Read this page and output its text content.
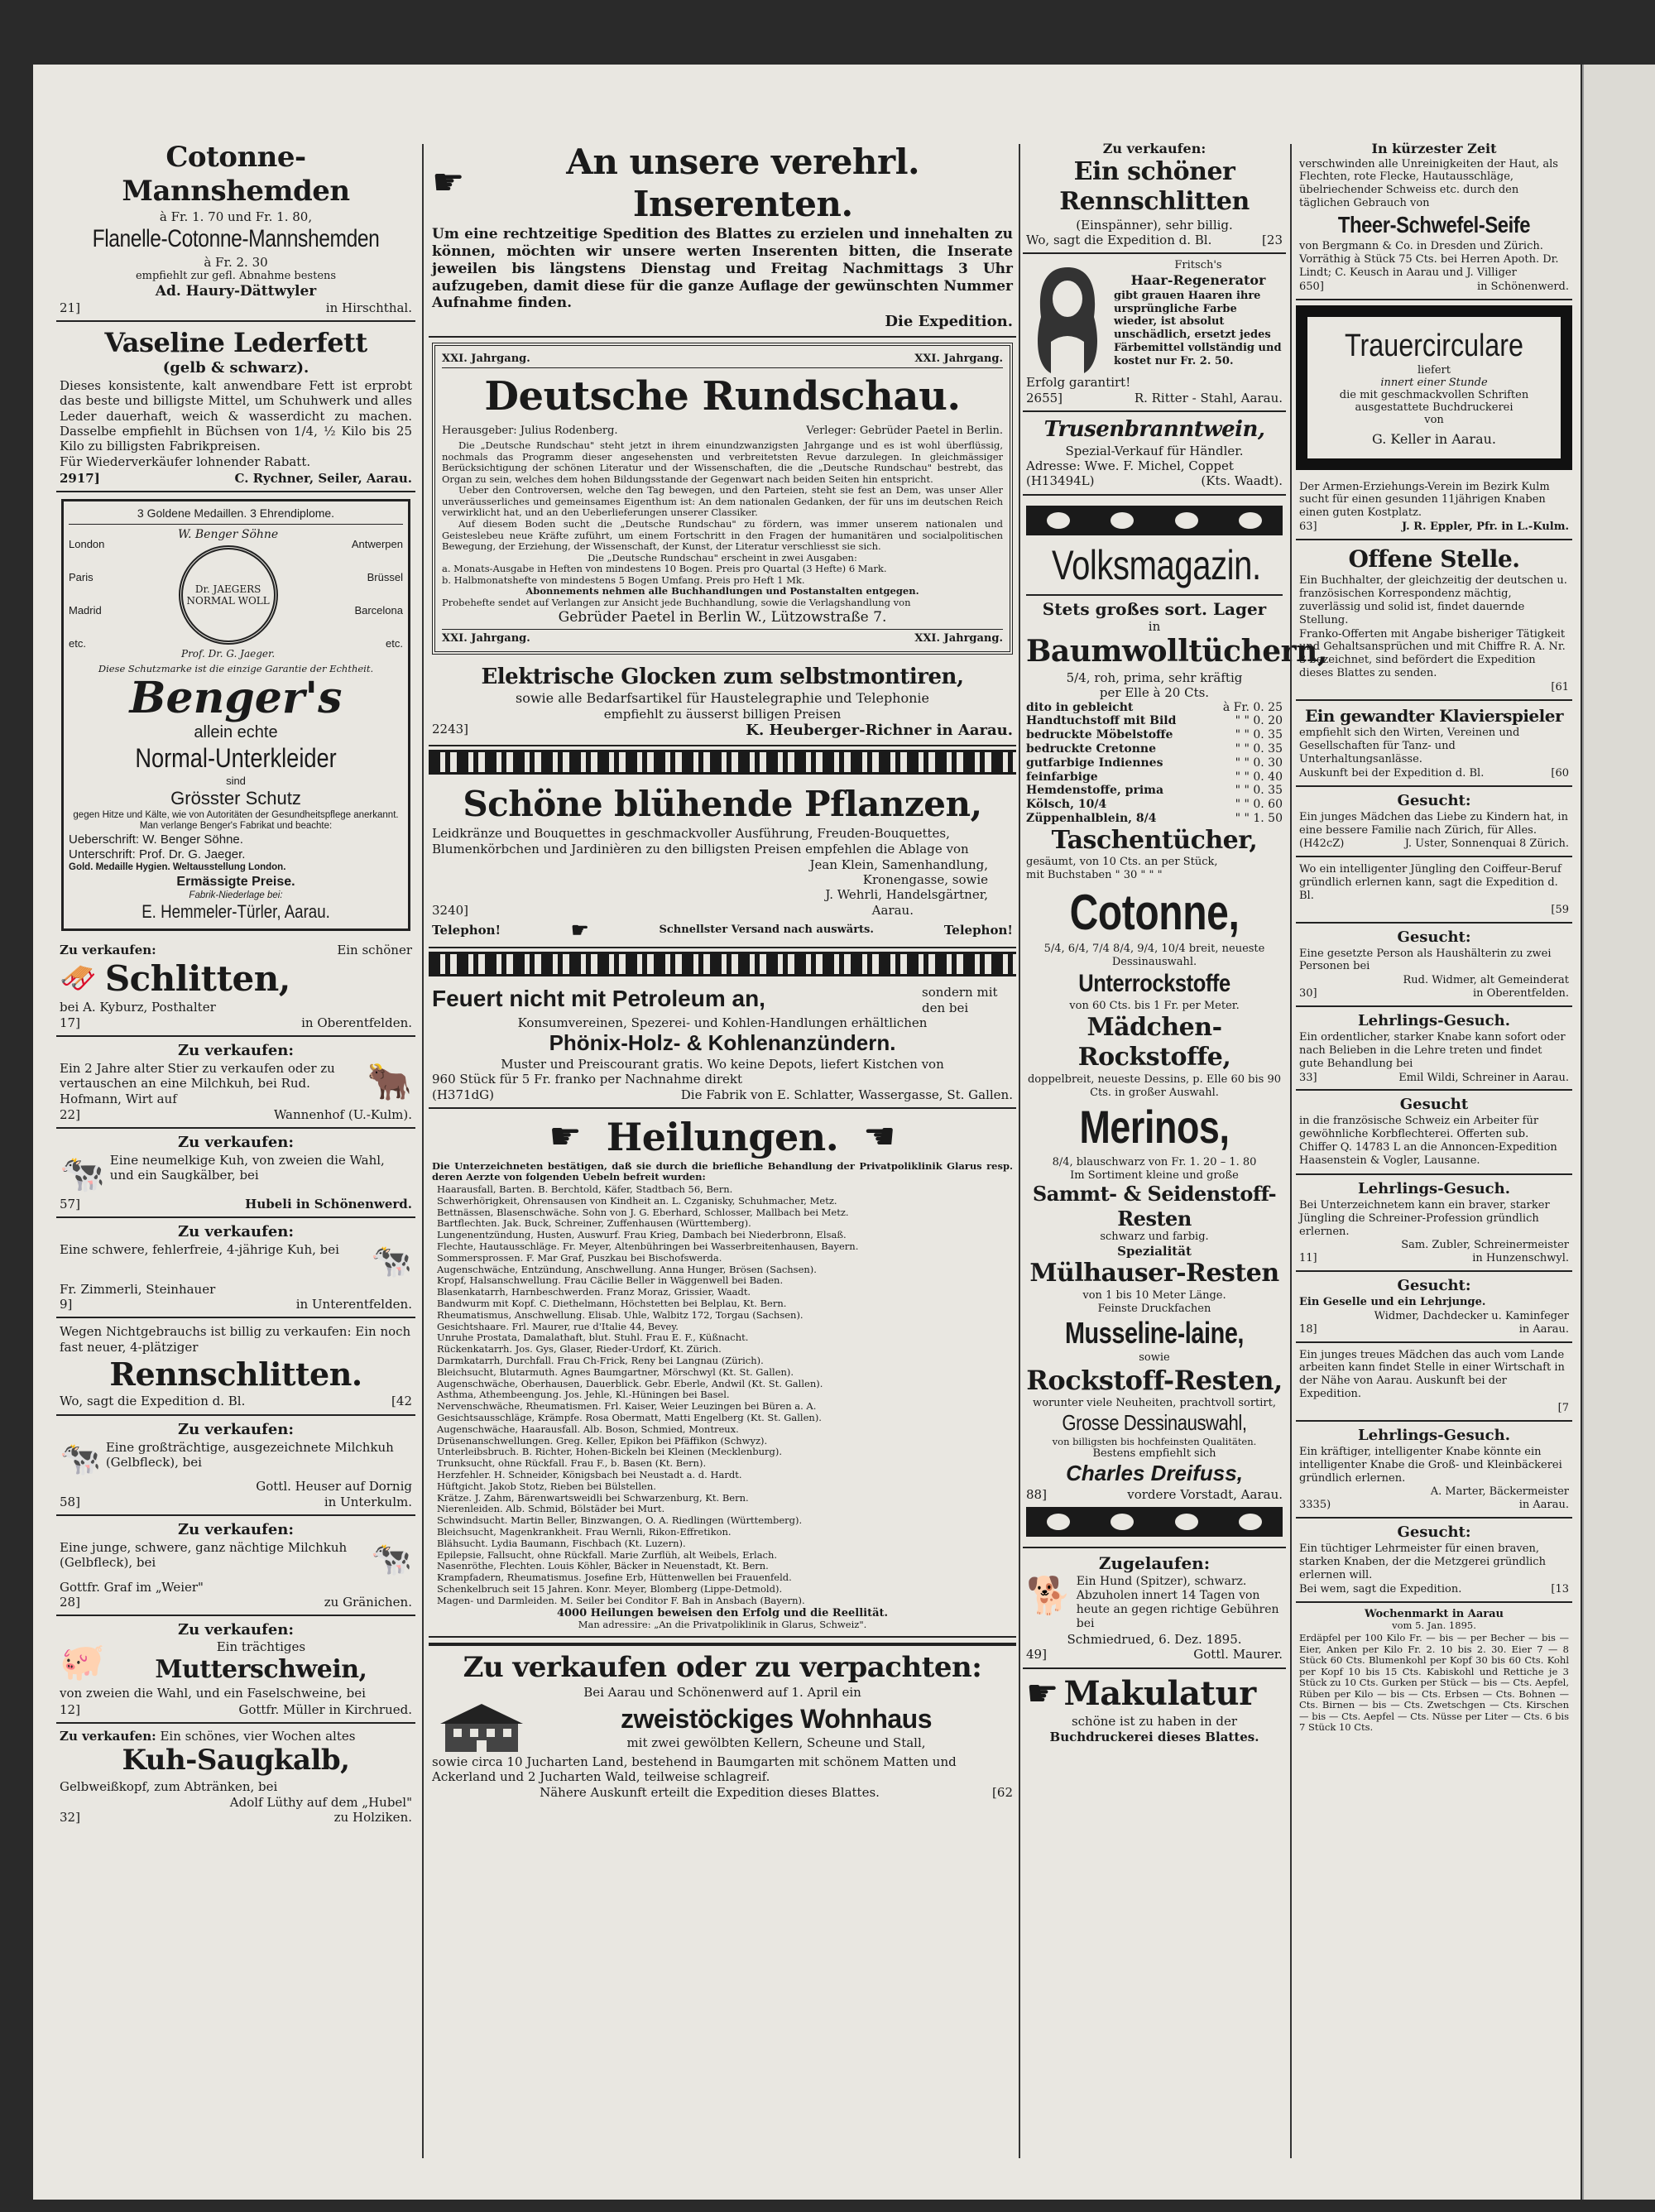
Cotonne-Mannshemden
à Fr. 1. 70 und Fr. 1. 80,
Flanelle-Cotonne-Mannshemden
à Fr. 2. 30
empfiehlt zur gefl. Abnahme bestens
Ad. Haury-Dättwyler
21]	in Hirschthal.
Vaseline Lederfett
(gelb & schwarz).

Dieses konsistente, kalt anwendbare Fett ist erprobt das beste und billigste Mittel, um Schuhwerk und alles Leder dauerhaft, weich & wasserdicht zu machen. Dasselbe empfiehlt in Büchsen von 1/4, ½ Kilo bis 25 Kilo zu billigsten Fabrikpreisen.

Für Wiederverkäufer lohnender Rabatt.

2917]	C. Rychner, Seiler, Aarau.
3 Goldene Medaillen. 3 Ehrendiplome.
London
Paris
Madrid
etc.
W. Benger Söhne
Dr. JAEGERS NORMAL WOLL
Prof. Dr. G. Jaeger.
Antwerpen
Brüssel
Barcelona
etc.
Diese Schutzmarke ist die einzige Garantie der Echtheit.
Benger's
allein echte
Normal-Unterkleider
sind
Grösster Schutz
gegen Hitze und Kälte, wie von Autoritäten der Gesundheitspflege anerkannt.
Man verlange Benger's Fabrikat und beachte:
Ueberschrift: W. Benger Söhne.
Unterschrift: Prof. Dr. G. Jaeger.
Gold. Medaille Hygien. Weltausstellung London.
Ermässigte Preise.
Fabrik-Niederlage bei:
E. Hemmeler-Türler, Aarau.
Zu verkaufen:	Ein schöner
🛷 Schlitten,
bei A. Kyburz, Posthalter
17]	in Oberentfelden.
Zu verkaufen:

Ein 2 Jahre alter Stier zu verkaufen oder zu vertauschen an eine Milchkuh, bei Rud. Hofmann, Wirt auf	🐂
22]	Wannenhof (U.-Kulm).
Zu verkaufen:
🐄 Eine neumelkige Kuh, von zweien die Wahl, und ein Saugkälber, bei

57]	Hubeli in Schönenwerd.
Zu verkaufen:

Eine schwere, fehlerfreie, 4-jährige Kuh, bei 🐄
Fr. Zimmerli, Steinhauer
9]	in Unterentfelden.

Wegen Nichtgebrauchs ist billig zu verkaufen: Ein noch fast neuer, 4-plätziger

Rennschlitten.
Wo, sagt die Expedition d. Bl.	[42
Zu verkaufen:
🐄 Eine großträchtige, ausgezeichnete Milchkuh (Gelbfleck), bei

Gottl. Heuser auf Dornig
58]	in Unterkulm.
Zu verkaufen:

Eine junge, schwere, ganz nächtige Milchkuh (Gelbfleck), bei	🐄
Gottfr. Graf im „Weier"
28]	zu Gränichen.
Zu verkaufen:
🐖	Ein trächtiges
Mutterschwein,

von zweien die Wahl, und ein Faselschweine, bei

12]	Gottfr. Müller in Kirchrued.
Zu verkaufen: Ein schönes, vier Wochen altes
Kuh-Saugkalb,

Gelbweißkopf, zum Abtränken, bei

Adolf Lüthy auf dem „Hubel"
32]	zu Holziken.
☛	An unsere verehrl. Inserenten.

Um eine rechtzeitige Spedition des Blattes zu erzielen und innehalten zu können, möchten wir unsere werten Inserenten bitten, die Inserate jeweilen bis längstens Dienstag und Freitag Nachmittags 3 Uhr aufzugeben, damit diese für die ganze Auflage der gewünschten Nummer Aufnahme finden.

Die Expedition.
XXI. Jahrgang.	XXI. Jahrgang.
Deutsche Rundschau.
Herausgeber: Julius Rodenberg.	Verleger: Gebrüder Paetel in Berlin.

Die „Deutsche Rundschau" steht jetzt in ihrem einundzwanzigsten Jahrgange und es ist wohl überflüssig, nochmals das Programm dieser angesehensten und verbreitetsten Revue darzulegen. In gleichmässiger Berücksichtigung der schönen Literatur und der Wissenschaften, die die „Deutsche Rundschau" bestrebt, das Organ zu sein, welches dem hohen Bildungsstande der Gegenwart nach beiden Seiten hin entspricht.

Ueber den Controversen, welche den Tag bewegen, und den Parteien, steht sie fest an Dem, was unser Aller unveräusserliches und gemeinsames Eigenthum ist: An dem nationalen Gedanken, der für uns im deutschen Reich verwirklicht hat, und an den Ueberlieferungen unserer Classiker.

Auf diesem Boden sucht die „Deutsche Rundschau" zu fördern, was immer unserem nationalen und Geisteslebeu neue Kräfte zuführt, um einem Fortschritt in den Fragen der humanitären und socialpolitischen Bewegung, der Erziehung, der Wissenschaft, der Kunst, der Literatur verschliesst sie sich.

Die „Deutsche Rundschau" erscheint in zwei Ausgaben:

a. Monats-Ausgabe in Heften von mindestens 10 Bogen. Preis pro Quartal (3 Hefte) 6 Mark.

b. Halbmonatshefte von mindestens 5 Bogen Umfang. Preis pro Heft 1 Mk.

Abonnements nehmen alle Buchhandlungen und Postanstalten entgegen.

Probehefte sendet auf Verlangen zur Ansicht jede Buchhandlung, sowie die Verlagshandlung von

Gebrüder Paetel in Berlin W., Lützowstraße 7.
XXI. Jahrgang.	XXI. Jahrgang.
Elektrische Glocken zum selbstmontiren,
sowie alle Bedarfsartikel für Haustelegraphie und Telephonie
empfiehlt zu äusserst billigen Preisen
2243]	K. Heuberger-Richner in Aarau.
Schöne blühende Pflanzen,

Leidkränze und Bouquettes in geschmackvoller Ausführung, Freuden-Bouquettes, Blumenkörbchen und Jardinièren zu den billigsten Preisen empfehlen die Ablage von

Jean Klein, Samenhandlung,
Kronengasse, sowie
J. Wehrli, Handelsgärtner,
3240]	Aarau.
Telephon!	☛	Schnellster Versand nach auswärts.	Telephon!
Feuert nicht mit Petroleum an,	sondern mit den bei
Konsumvereinen, Spezerei- und Kohlen-Handlungen erhältlichen
Phönix-Holz- & Kohlenanzündern.
Muster und Preiscourant gratis. Wo keine Depots, liefert Kistchen von
960 Stück für 5 Fr. franko per Nachnahme direkt
(H371dG)	Die Fabrik von E. Schlatter, Wassergasse, St. Gallen.
☛ Heilungen. ☛

Die Unterzeichneten bestätigen, daß sie durch die briefliche Behandlung der Privatpoliklinik Glarus resp. deren Aerzte von folgenden Uebeln befreit wurden:

Haarausfall, Barten. B. Berchtold, Käfer, Stadtbach 56, Bern.
Schwerhörigkeit, Ohrensausen von Kindheit an. L. Czganisky, Schuhmacher, Metz.
Bettnässen, Blasenschwäche. Sohn von J. G. Eberhard, Schlosser, Mallbach bei Metz.
Bartflechten. Jak. Buck, Schreiner, Zuffenhausen (Württemberg).
Lungenentzündung, Husten, Auswurf. Frau Krieg, Dambach bei Niederbronn, Elsaß.
Flechte, Hautausschläge. Fr. Meyer, Altenbühringen bei Wasserbreitenhausen, Bayern.
Sommersprossen. F. Mar Graf, Puszkau bei Bischofswerda.
Augenschwäche, Entzündung, Anschwellung. Anna Hunger, Brösen (Sachsen).
Kropf, Halsanschwellung. Frau Cäcilie Beller in Wäggenwell bei Baden.
Blasenkatarrh, Harnbeschwerden. Franz Moraz, Grissier, Waadt.
Bandwurm mit Kopf. C. Diethelmann, Höchstetten bei Belplau, Kt. Bern.
Rheumatismus, Anschwellung. Elisab. Uhle, Walbitz 172, Torgau (Sachsen).
Gesichtshaare. Frl. Maurer, rue d'Italie 44, Bevey.
Unruhe Prostata, Damalathaft, blut. Stuhl. Frau E. F., Küßnacht.
Rückenkatarrh. Jos. Gys, Glaser, Rieder-Urdorf, Kt. Zürich.
Darmkatarrh, Durchfall. Frau Ch-Frick, Reny bei Langnau (Zürich).
Bleichsucht, Blutarmuth. Agnes Baumgartner, Mörschwyl (Kt. St. Gallen).
Augenschwäche, Oberhausen, Dauerblick. Gebr. Eberle, Andwil (Kt. St. Gallen).
Asthma, Athembeengung. Jos. Jehle, Kl.-Hüningen bei Basel.
Nervenschwäche, Rheumatismen. Frl. Kaiser, Weier Leuzingen bei Büren a. A.
Gesichtsausschläge, Krämpfe. Rosa Obermatt, Matti Engelberg (Kt. St. Gallen).
Augenschwäche, Haarausfall. Alb. Boson, Schmied, Montreux.
Drüsenanschwellungen. Greg. Keller, Epikon bei Pfäffikon (Schwyz).
Unterleibsbruch. B. Richter, Hohen-Bickeln bei Kleinen (Mecklenburg).
Trunksucht, ohne Rückfall. Frau F., b. Basen (Kt. Bern).
Herzfehler. H. Schneider, Königsbach bei Neustadt a. d. Hardt.
Hüftgicht. Jakob Stotz, Rieben bei Bülstellen.
Krätze. J. Zahm, Bärenwartsweidli bei Schwarzenburg, Kt. Bern.
Nierenleiden. Alb. Schmid, Bölstäder bei Murt.
Schwindsucht. Martin Beller, Binzwangen, O. A. Riedlingen (Württemberg).
Bleichsucht, Magenkrankheit. Frau Wernli, Rikon-Effretikon.
Blähsucht. Lydia Baumann, Fischbach (Kt. Luzern).
Epilepsie, Fallsucht, ohne Rückfall. Marie Zurflüh, alt Weibels, Erlach.
Nasenröthe, Flechten. Louis Köhler, Bäcker in Neuenstadt, Kt. Bern.
Krampfadern, Rheumatismus. Josefine Erb, Hüttenwellen bei Frauenfeld.
Schenkelbruch seit 15 Jahren. Konr. Meyer, Blomberg (Lippe-Detmold).
Magen- und Darmleiden. M. Seiler bei Conditor F. Bah in Ansbach (Bayern).
4000 Heilungen beweisen den Erfolg und die Reellität.
Man adressire: „An die Privatpoliklinik in Glarus, Schweiz".
Zu verkaufen oder zu verpachten:
Bei Aarau und Schönenwerd auf 1. April ein
zweistöckiges Wohnhaus
mit zwei gewölbten Kellern, Scheune und Stall,

sowie circa 10 Jucharten Land, bestehend in Baumgarten mit schönem Matten und Ackerland und 2 Jucharten Wald, teilweise schlagreif.

Nähere Auskunft erteilt die Expedition dieses Blattes.	[62
Zu verkaufen:
Ein schöner Rennschlitten
(Einspänner), sehr billig.
Wo, sagt die Expedition d. Bl.	[23
Fritsch's
Haar-Regenerator

gibt grauen Haaren ihre ursprüngliche Farbe wieder, ist absolut unschädlich, ersetzt jedes Färbemittel vollständig und kostet nur Fr. 2. 50.

Erfolg garantirt!
2655]	R. Ritter - Stahl, Aarau.
Trusenbranntwein,
Spezial-Verkauf für Händler.
Adresse: Wwe. F. Michel, Coppet
(H13494L)	(Kts. Waadt).
Volksmagazin.
Stets großes sort. Lager
in
Baumwolltüchern,
5/4, roh, prima, sehr kräftig
per Elle à 20 Cts.
dito in gebleicht	à Fr. 0. 25
Handtuchstoff mit Bild	" " 0. 20
bedruckte Möbelstoffe	" " 0. 35
bedruckte Cretonne	" " 0. 35
gutfarbige Indiennes	" " 0. 30
feinfarbige	" " 0. 40
Hemdenstoffe, prima	" " 0. 35
Kölsch, 10/4	" " 0. 60
Züppenhalblein, 8/4	" " 1. 50
Taschentücher,
gesäumt, von 10 Cts. an per Stück,
mit Buchstaben " 30 " " "
Cotonne,
5/4, 6/4, 7/4 8/4, 9/4, 10/4 breit, neueste Dessinauswahl.
Unterrockstoffe
von 60 Cts. bis 1 Fr. per Meter.
Mädchen-Rockstoffe,
doppelbreit, neueste Dessins, p. Elle 60 bis 90 Cts. in großer Auswahl.
Merinos,
8/4, blauschwarz von Fr. 1. 20 – 1. 80
Im Sortiment kleine und große
Sammt- & Seidenstoff-Resten
schwarz und farbig.
Spezialität
Mülhauser-Resten
von 1 bis 10 Meter Länge.
Feinste Druckfachen
Musseline-laine,
sowie
Rockstoff-Resten,
worunter viele Neuheiten, prachtvoll sortirt,
Grosse Dessinauswahl,
von billigsten bis hochfeinsten Qualitäten.
Bestens empfiehlt sich
Charles Dreifuss,
88]	vordere Vorstadt, Aarau.
Zugelaufen:
🐕 Ein Hund (Spitzer), schwarz. Abzuholen innert 14 Tagen von heute an gegen richtige Gebühren bei

Schmiedrued, 6. Dez. 1895.
49]	Gottl. Maurer.
☛ Makulatur
schöne ist zu haben in der
Buchdruckerei dieses Blattes.
In kürzester Zeit

verschwinden alle Unreinigkeiten der Haut, als Flechten, rote Flecke, Hautausschläge, übelriechender Schweiss etc. durch den täglichen Gebrauch von

Theer-Schwefel-Seife

von Bergmann & Co. in Dresden und Zürich. Vorräthig à Stück 75 Cts. bei Herren Apoth. Dr. Lindt; C. Keusch in Aarau und J. Villiger

650]	in Schönenwerd.
Trauercirculare
liefert
innert einer Stunde
die mit geschmackvollen Schriften ausgestattete Buchdruckerei
von
G. Keller in Aarau.

Der Armen-Erziehungs-Verein im Bezirk Kulm sucht für einen gesunden 11jährigen Knaben einen guten Kostplatz.

63]	J. R. Eppler, Pfr. in L.-Kulm.
Offene Stelle.

Ein Buchhalter, der gleichzeitig der deutschen u. französischen Korrespondenz mächtig, zuverlässig und solid ist, findet dauernde Stellung.

Franko-Offerten mit Angabe bisheriger Tätigkeit und Gehaltsansprüchen und mit Chiffre R. A. Nr. 3 bezeichnet, sind befördert die Expedition dieses Blattes zu senden.

[61
Ein gewandter Klavierspieler

empfiehlt sich den Wirten, Vereinen und Gesellschaften für Tanz- und Unterhaltungsanlässe.

Auskunft bei der Expedition d. Bl.	[60
Gesucht:

Ein junges Mädchen das Liebe zu Kindern hat, in eine bessere Familie nach Zürich, für Alles.

(H42cZ)	J. Uster, Sonnenquai 8 Zürich.

Wo ein intelligenter Jüngling den Coiffeur-Beruf gründlich erlernen kann, sagt die Expedition d. Bl.

[59
Gesucht:

Eine gesetzte Person als Haushälterin zu zwei Personen bei

Rud. Widmer, alt Gemeinderat
30]	in Oberentfelden.
Lehrlings-Gesuch.

Ein ordentlicher, starker Knabe kann sofort oder nach Belieben in die Lehre treten und findet gute Behandlung bei

33]	Emil Wildi, Schreiner in Aarau.
Gesucht

in die französische Schweiz ein Arbeiter für gewöhnliche Korbflechterei. Offerten sub. Chiffer Q. 14783 L an die Annoncen-Expedition Haasenstein & Vogler, Lausanne.

Lehrlings-Gesuch.

Bei Unterzeichnetem kann ein braver, starker Jüngling die Schreiner-Profession gründlich erlernen.

Sam. Zubler, Schreinermeister
11]	in Hunzenschwyl.
Gesucht:

Ein Geselle und ein Lehrjunge.

Widmer, Dachdecker u. Kaminfeger
18]	in Aarau.

Ein junges treues Mädchen das auch vom Lande arbeiten kann findet Stelle in einer Wirtschaft in der Nähe von Aarau. Auskunft bei der Expedition.

[7
Lehrlings-Gesuch.

Ein kräftiger, intelligenter Knabe könnte ein intelligenter Knabe die Groß- und Kleinbäckerei gründlich erlernen.

A. Marter, Bäckermeister
3335)	in Aarau.
Gesucht:

Ein tüchtiger Lehrmeister für einen braven, starken Knaben, der die Metzgerei gründlich erlernen will.

Bei wem, sagt die Expedition.	[13
Wochenmarkt in Aarau
vom 5. Jan. 1895.

Erdäpfel per 100 Kilo Fr. — bis — per Becher — bis — Eier, Anken per Kilo Fr. 2. 10 bis 2. 30. Eier 7 — 8 Stück 60 Cts. Blumenkohl per Kopf 30 bis 60 Cts. Kohl per Kopf 10 bis 15 Cts. Kabiskohl und Rettiche je 3 Stück zu 10 Cts. Gurken per Stück — bis — Cts. Aepfel, Rüben per Kilo — bis — Cts. Erbsen — Cts. Bohnen — Cts. Birnen — bis — Cts. Zwetschgen — Cts. Kirschen — bis — Cts. Aepfel — Cts. Nüsse per Liter — Cts. 6 bis 7 Stück 10 Cts.
